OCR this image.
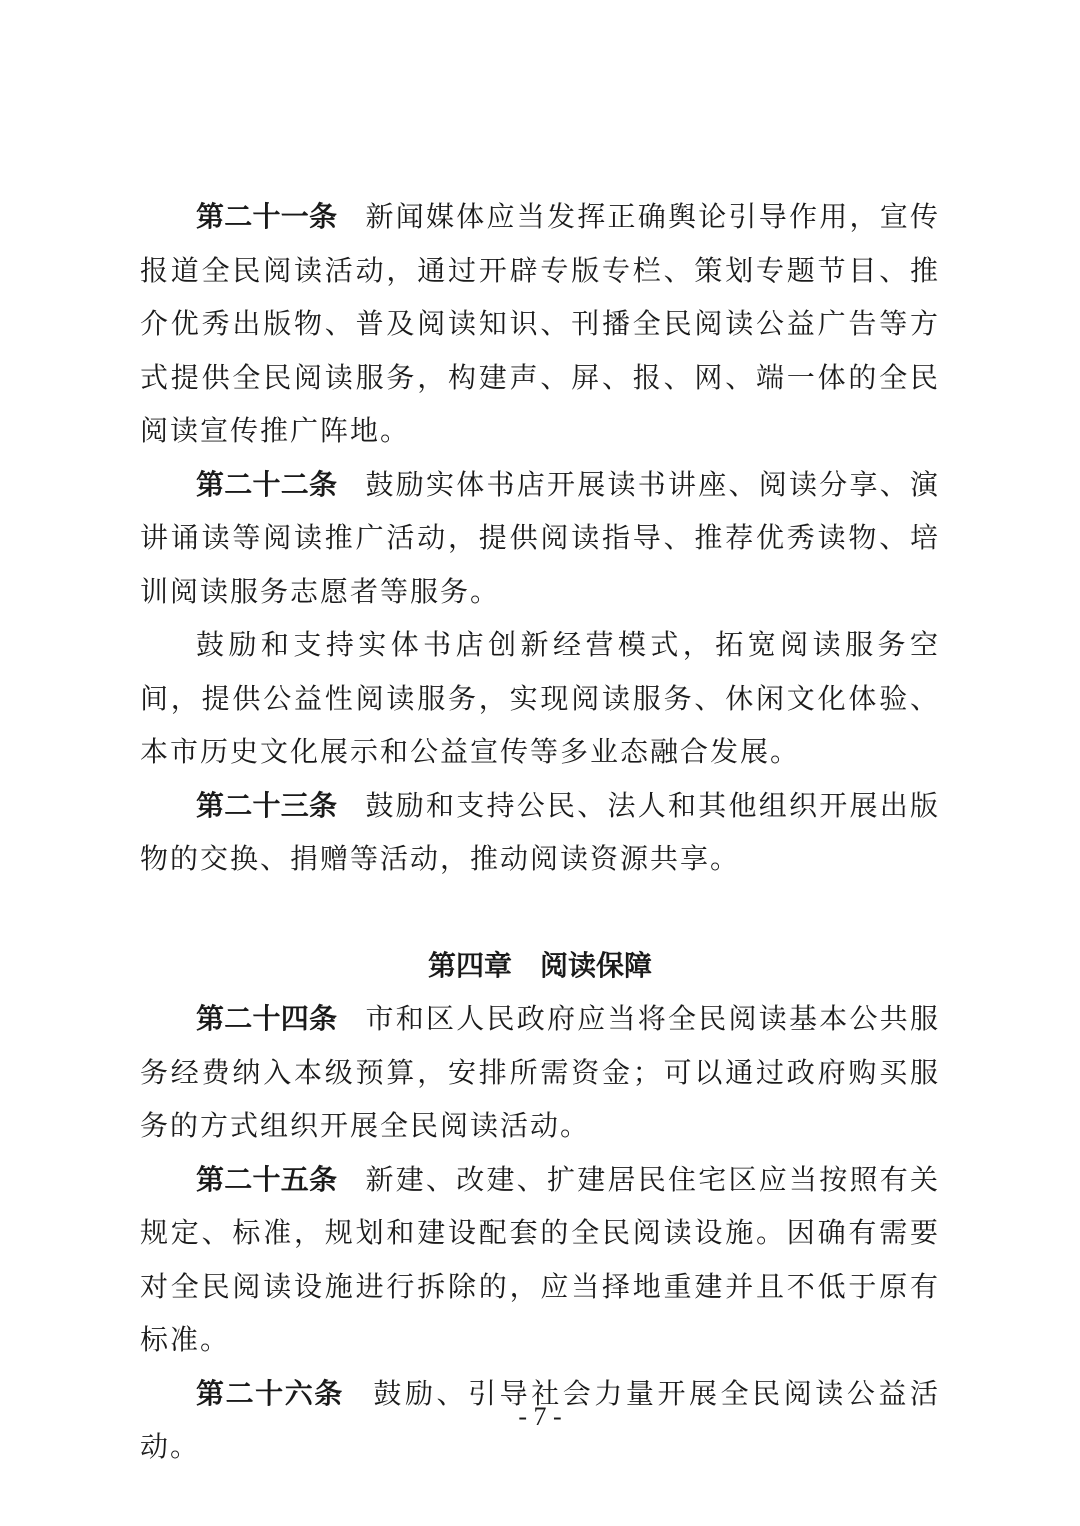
第二十一条 新闻媒体应当发挥正确舆论引导作用，宣传报道全民阅读活动，通过开辟专版专栏、策划专题节目、推介优秀出版物、普及阅读知识、刊播全民阅读公益广告等方式提供全民阅读服务，构建声、屏、报、网、端一体的全民阅读宣传推广阵地。

第二十二条 鼓励实体书店开展读书讲座、阅读分享、演讲诵读等阅读推广活动，提供阅读指导、推荐优秀读物、培训阅读服务志愿者等服务。

鼓励和支持实体书店创新经营模式，拓宽阅读服务空间，提供公益性阅读服务，实现阅读服务、休闲文化体验、本市历史文化展示和公益宣传等多业态融合发展。

第二十三条 鼓励和支持公民、法人和其他组织开展出版物的交换、捐赠等活动，推动阅读资源共享。

第四章 阅读保障

第二十四条 市和区人民政府应当将全民阅读基本公共服务经费纳入本级预算，安排所需资金；可以通过政府购买服务的方式组织开展全民阅读活动。

第二十五条 新建、改建、扩建居民住宅区应当按照有关规定、标准，规划和建设配套的全民阅读设施。因确有需要对全民阅读设施进行拆除的，应当择地重建并且不低于原有标准。

第二十六条 鼓励、引导社会力量开展全民阅读公益活动。

- 7 -
